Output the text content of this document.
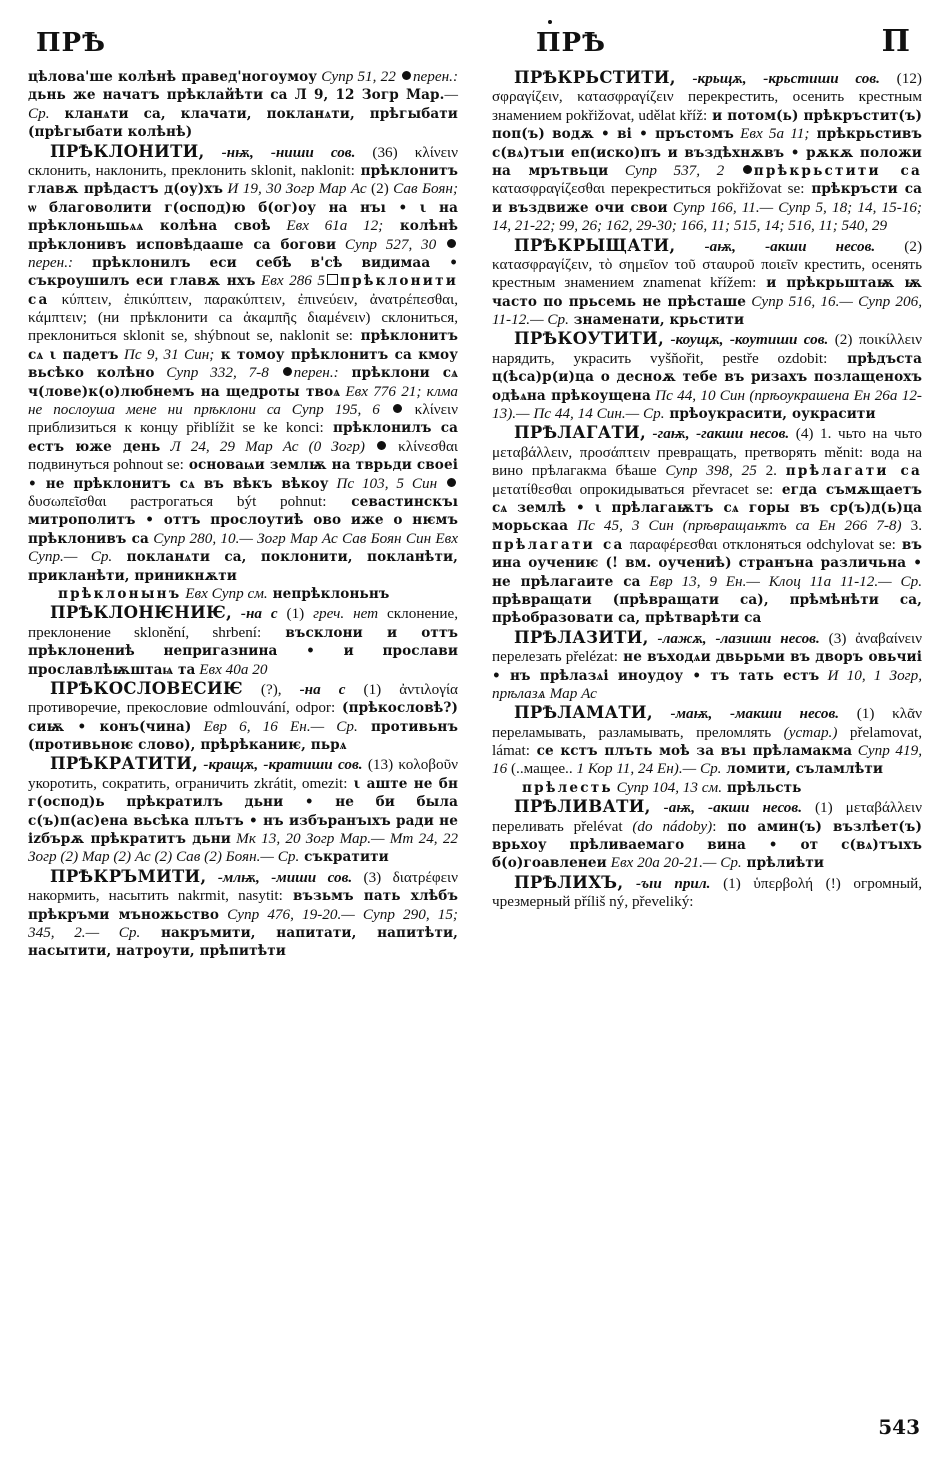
ПРѢ	ПРѢ	П

цѣлова'ше колѣнѣ правед'ногоумоу Супр 51, 22 перен.: дьнь же начатъ прѣклайѣти са Л 9, 12 Зогр Мар.— Ср. кланѧти са, клачати, покланѧти, прѣгыбати (прѣгыбати колѣнѣ)

ПРѢКЛОНИТИ, -нѭ, -ниши сов. (36) κλίνειν склонить, наклонить, преклонить sklonit, naklonit: прѣклонитъ главѫ прѣдастъ д(оу)хъ И 19, 30 Зогр Мар Ас (2) Сав Боян; ѡ благоволити г(оспод)ю б(ог)оу на нъı • ι на прѣклоньшьѧѧ колѣна своѣ Евх 61а 12; колѣнѣ прѣклонивъ исповѣдааше са богови Супр 527, 30 перен.: прѣклонилъ еси себѣ в'сѣ видимаа • съкроушилъ еси главѫ нхъ Евх 286 5 прѣклонити са κύπτειν, ἐπικύπτειν, παρακύπτειν, ἐπινεύειν, ἀνατρέπεσθαι, κάμπτειν; (ни прѣклонити са ἀκαμπῆς διαμένειν) склониться, преклониться sklonit se, shýbnout se, naklonit se: прѣклонитъ сѧ ι падетъ Пс 9, 31 Син; к томоу прѣклонитъ са кмоу вьсѣко колѣно Супр 332, 7-8 перен.: прѣклони сѧ ч(лове)к(о)любнемъ на щедроты твоѧ Евх 776 21; клма не послоуша мене ни прѣклони са Супр 195, 6  κλίνειν приблизиться к концу přiblížit se ke konci: прѣклонилъ са естъ юже день Л 24, 29 Мар Ас (0 Зогр)  κλίνεσθαι подвинуться pohnout se: основаѩи землѭ на тврьди своеі • не прѣклонитъ сѧ въ вѣкъ вѣкоу Пс 103, 5 Син  δυσωπεῖσθαι растрогаться být pohnut: севастинскъı митрополитъ • оттъ прослоутиѣ ово иже о нѥмъ прѣклонивъ са Супр 280, 10.— Зогр Мар Ас Сав Боян Син Евх Супр.— Ср. покланѧти са, поклонити, покланѣти, прикланѣти, приникнѫти

прѣклонынъ Евх Супр см. непрѣклоньнъ

ПРѢКЛОНѤНИѤ, -на с (1) греч. нет склонение, преклонение sklonění, shrbení: въсклони и оттъ прѣклонениѣ непригазнина • и прослави прославлѣѭштаѩ та Евх 40а 20

ПРѢКОСЛОВЕСИѤ (?), -на с (1) ἀντιλογία противоречие, прекословие odmlouvání, odpor: (прѣкословѣ?) сиѭ • конъ(чина) Евр 6, 16 Ен.— Ср. противьнъ (противьноѥ слово), прѣрѣканиѥ, пьрѧ

ПРѢКРАТИТИ, -кращѫ, -кратиши сов. (13) κολοβοῦν укоротить, сократить, ограничить zkrátit, omezit: ι аште не бн г(оспод)ь прѣкратилъ дьни • не би была с(ъ)п(ас)ена вьсѣка плътъ • нъ избъранъıхъ ради не іzбърѫ прѣкратитъ дьни Мк 13, 20 Зогр Мар.— Мт 24, 22 Зогр (2) Мар (2) Ас (2) Сав (2) Боян.— Ср. съкратити

ПРѢКРЪМИТИ, -млѭ, -миши сов. (3) διατρέφειν накормить, насытить nakrmit, nasytit: възьмъ пать хлѣбъ прѣкръми мъножьство Супр 476, 19-20.— Супр 290, 15; 345, 2.— Ср. накръмити, напитати, напитѣти, насытити, натроути, прѣпитѣти

ПРѢКРЬСТИТИ, -крьщѫ, -крьстиши сов. (12) σφραγίζειν, κατασφραγίζειν перекрестить, осенить крестным знамением pokřižovat, udělat kříž: и потом(ь) прѣкръстит(ъ) поп(ъ) водѫ • ві • пръстомъ Евх 5а 11; прѣкрьстивъ с(вѧ)тъıи еп(иско)пъ и въздѣхнѫвъ • рѫкѫ положи на мрътвьци Супр 537, 2 прѣкрьстити са κατασφραγίζεσθαι перекреститься pokřižovat se: прѣкръсти са и въздвиже очи свои Супр 166, 11.— Супр 5, 18; 14, 15-16; 14, 21-22; 99, 26; 162, 29-30; 166, 11; 515, 14; 516, 11; 540, 29

ПРѢКРЫЩАТИ, -аѭ, -акши несов. (2) κατασφραγίζειν, τὸ σημεῖον τοῦ σταυροῦ ποιεῖν крестить, осенять крестным знамением znamenat křížem: и прѣкрьштаѭ ѭ часто по прьсемь не прѣсташе Супр 516, 16.— Супр 206, 11-12.— Ср. знаменати, крьстити

ПРѢКОУТИТИ, -коущѫ, -коутиши сов. (2) ποικίλλειν нарядить, украсить vyšňořit, pestře ozdobit: прѣдъста ц(ѣса)р(и)ца о десноѫ тебе въ ризахъ позлащенохъ одѣѧна прѣкоущена Пс 44, 10 Син (прѣоукрашена Ен 26а 12-13).— Пс 44, 14 Син.— Ср. прѣоукрасити, оукрасити

ПРѢЛАГАТИ, -гаѭ, -гакши несов. (4) 1. чьто на чьто μεταβάλλειν, προσάπτειν превращать, претворять měnit: вода на вино прѣлагакма бѣаше Супр 398, 25 2. прѣлагати са μετατίθεσθαι опрокидываться převracet se: егда съмѫщаетъ сѧ землѣ • ι прѣлагаѭтъ сѧ горы въ ср(ъ)д(ь)ца морьскаа Пс 45, 3 Син (прѣвращаѭтъ са Ен 266 7-8) 3. прѣлагати са παραφέρεσθαι отклоняться odchylovat se: въ ина оучениѥ (! вм. оучениѣ) странъна различьна • не прѣлагаите са Евр 13, 9 Ен.— Клоц 11а 11-12.— Ср. прѣвращати (прѣвращати са), прѣмѣнѣти са, прѣобразовати са, прѣтварѣти са

ПРѢЛАЗИТИ, -лажѫ, -лазиши несов. (3) ἀναβαίνειν перелезать přelézat: не въходѧи двьрьми въ дворъ овьчиі • нъ прѣлазѧі иноудоу • тъ тать естъ И 10, 1 Зогр, прѣлазѧ Мар Ас

ПРѢЛАМАТИ, -маѭ, -макши несов. (1) κλᾶν переламывать, разламывать, преломлять (устар.) přelamovat, lámat: се кстъ плъть моѣ за въı прѣламакма Супр 419, 16 (..мащее.. 1 Кор 11, 24 Ен).— Ср. ломити, съламлѣти

прѣлесть Супр 104, 13 см. прѣльсть

ПРѢЛИВАТИ, -аѭ, -акши несов. (1) μεταβάλλειν переливать přelévat (do nádoby): по амин(ъ) възлѣет(ъ) врьхоу прѣливаемаго вина • от с(вѧ)тъıхъ б(о)гоавленеи Евх 20а 20-21.— Ср. прѣлиѣти

ПРѢЛИХЪ, -ъıи прил. (1) ὑπερβολή (!) огромный, чрезмерный příliš ný, převeliký:

543
